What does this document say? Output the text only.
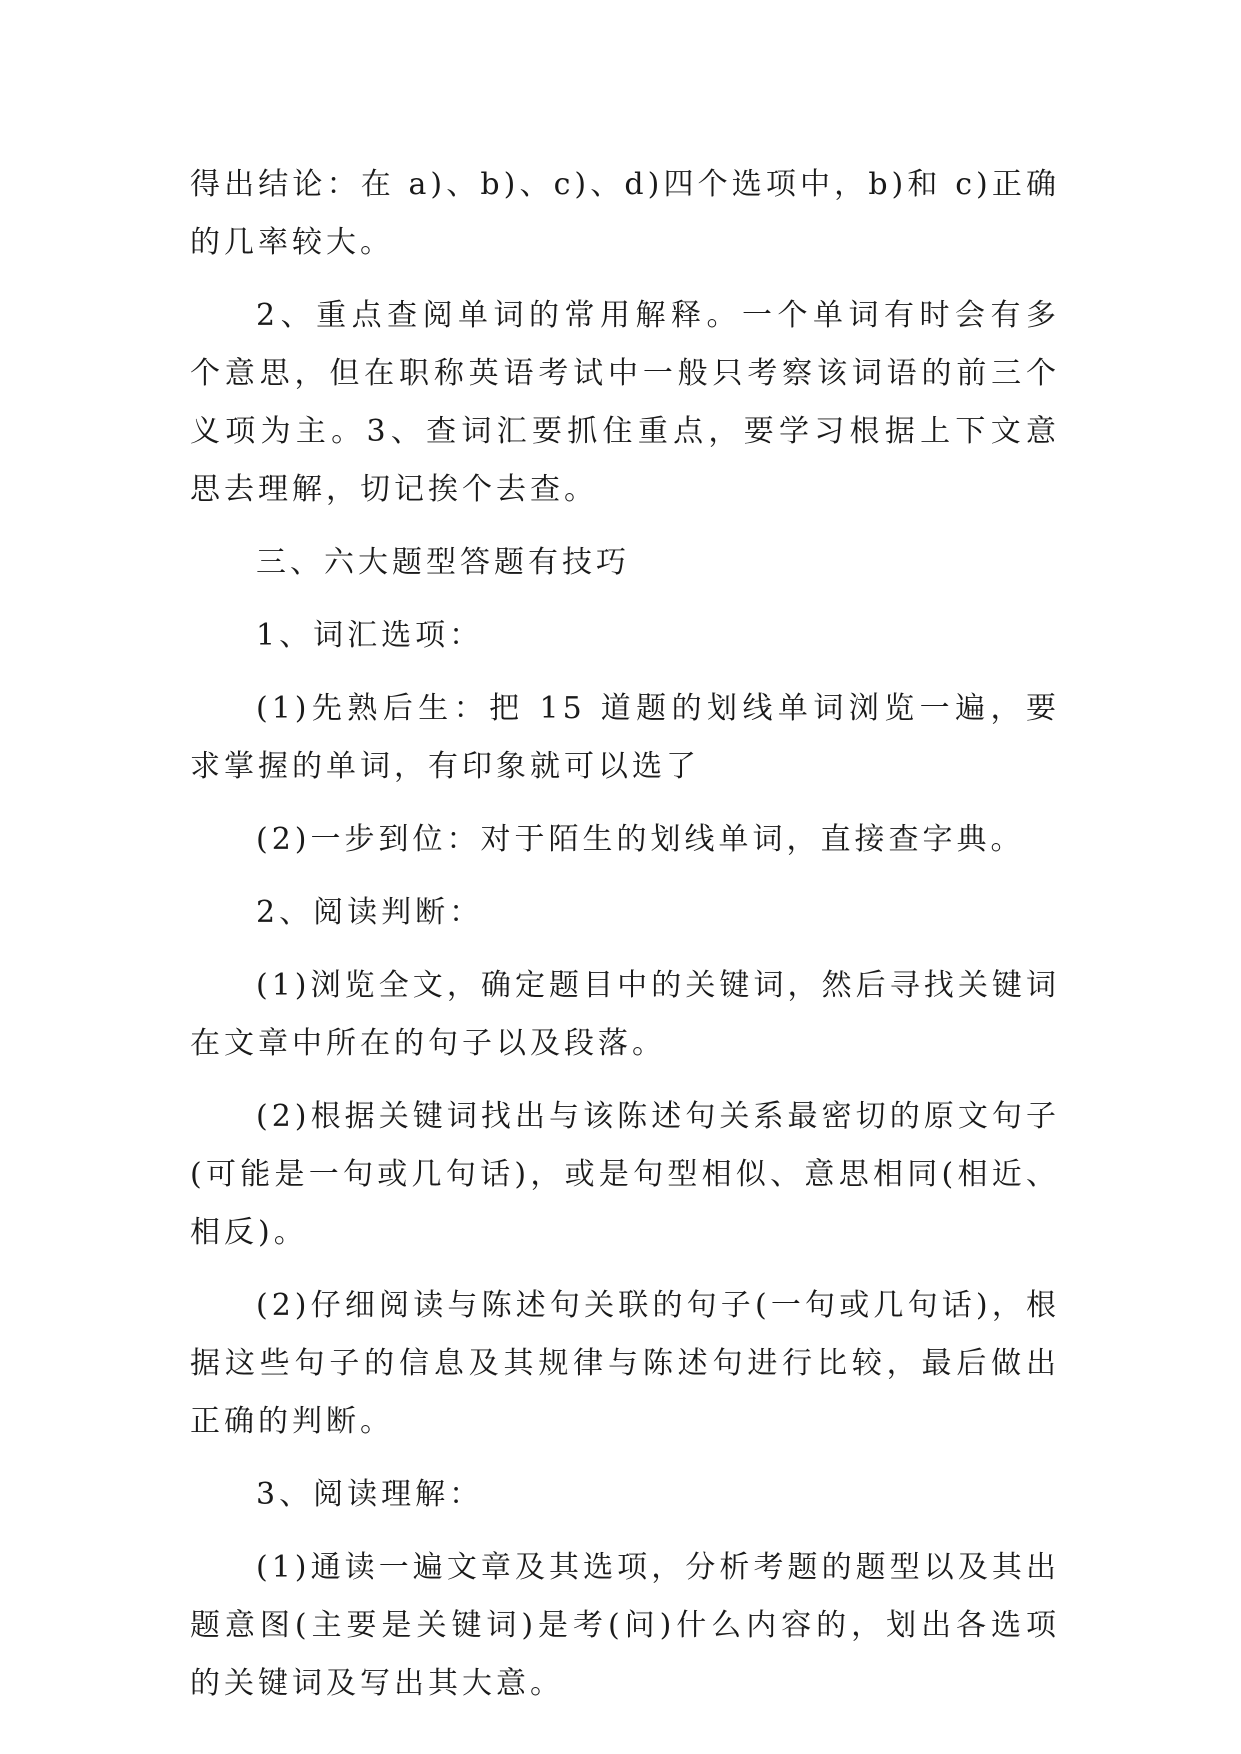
得出结论：在 a)、b)、c)、d)四个选项中，b)和 c)正确的几率较大。

2、重点查阅单词的常用解释。一个单词有时会有多个意思，但在职称英语考试中一般只考察该词语的前三个义项为主。3、查词汇要抓住重点，要学习根据上下文意思去理解，切记挨个去查。

三、六大题型答题有技巧

1、词汇选项：

(1)先熟后生：把 15 道题的划线单词浏览一遍，要求掌握的单词，有印象就可以选了

(2)一步到位：对于陌生的划线单词，直接查字典。

2、阅读判断：

(1)浏览全文，确定题目中的关键词，然后寻找关键词在文章中所在的句子以及段落。

(2)根据关键词找出与该陈述句关系最密切的原文句子(可能是一句或几句话)，或是句型相似、意思相同(相近、相反)。

(2)仔细阅读与陈述句关联的句子(一句或几句话)，根据这些句子的信息及其规律与陈述句进行比较，最后做出正确的判断。

3、阅读理解：

(1)通读一遍文章及其选项，分析考题的题型以及其出题意图(主要是关键词)是考(问)什么内容的，划出各选项的关键词及写出其大意。
